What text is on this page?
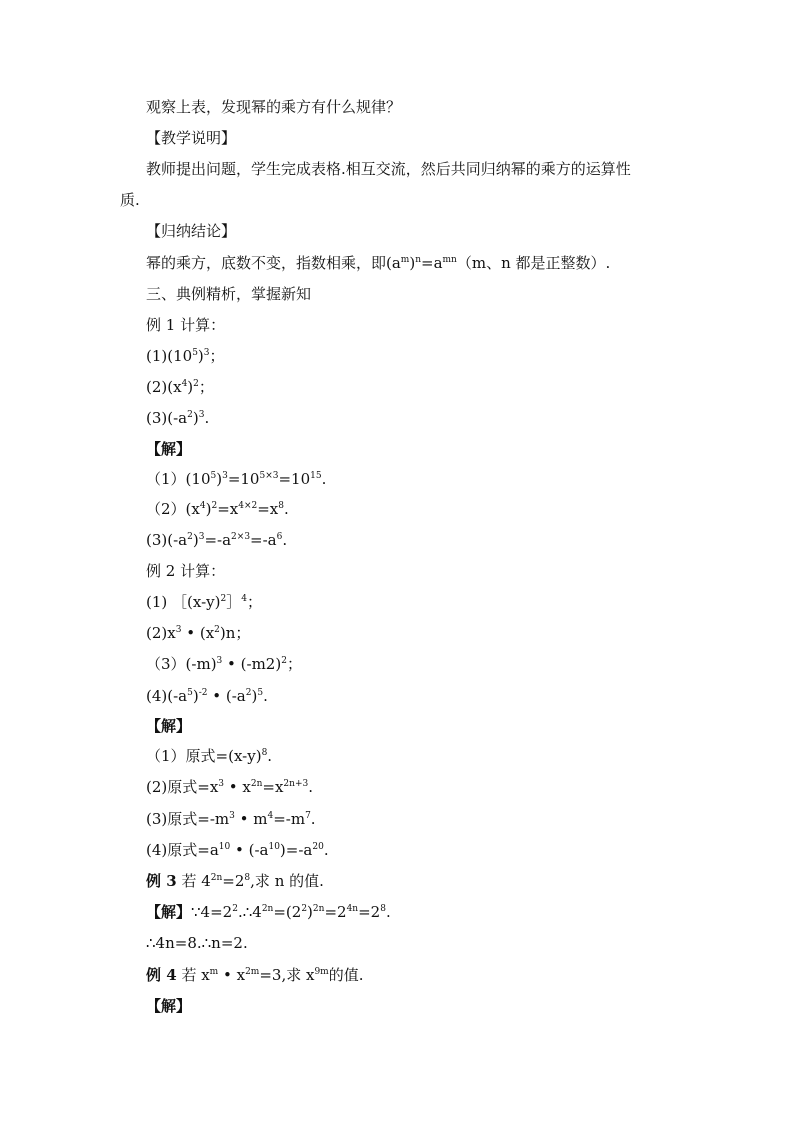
观察上表，发现幂的乘方有什么规律？
【教学说明】
教师提出问题，学生完成表格.相互交流，然后共同归纳幂的乘方的运算性
质.
【归纳结论】
幂的乘方，底数不变，指数相乘，即$(a^m)^n=a^{mn}(m$、n 都是正整数）.
三、典例精析，掌握新知
例 1 计算：
$(1)(10^5)^3$；
$(2)(x^4)^2$；
$(3)(-a^2)^3$.
【解】
$(1)(10^5)^3=10^{5\times 3}=10^{15}$.
$(2)(x^4)^2=x^{4\times 2}=x^8$.
$(3)(-a^2)^3=-a^{2\times 3}=-a^6$.
例 2 计算：
(1) $[(x-y)^2]^4$；
$(2)x^3$ • $(x^2)n$；
$(3)(-m)^3$ • $(-m2)^2$；
$(4)(-a^5)^{-2}$ • $(-a^2)^5$.
【解】
（1）原式$=(x-y)^8$.
(2)原式$=x^3$ • $x^{2n}=x^{2n+3}$.
(3)原式$=-m^3$ • $m^4=-m^7$.
(4)原式$=a^{10}$ • $(-a^{10})=-a^{20}$.
例 3 若 $4^{2n}=2^8$,求 n 的值.
【解】$\because 4=2^2.\therefore 4^{2n}=(2^2)^{2n}=2^{4n}=2^8$.
∴4n=8.∴n=2.
例 4 若 $x^m$ • $x^{2m}=3$,求 $x^{9m}$的值.
【解】
